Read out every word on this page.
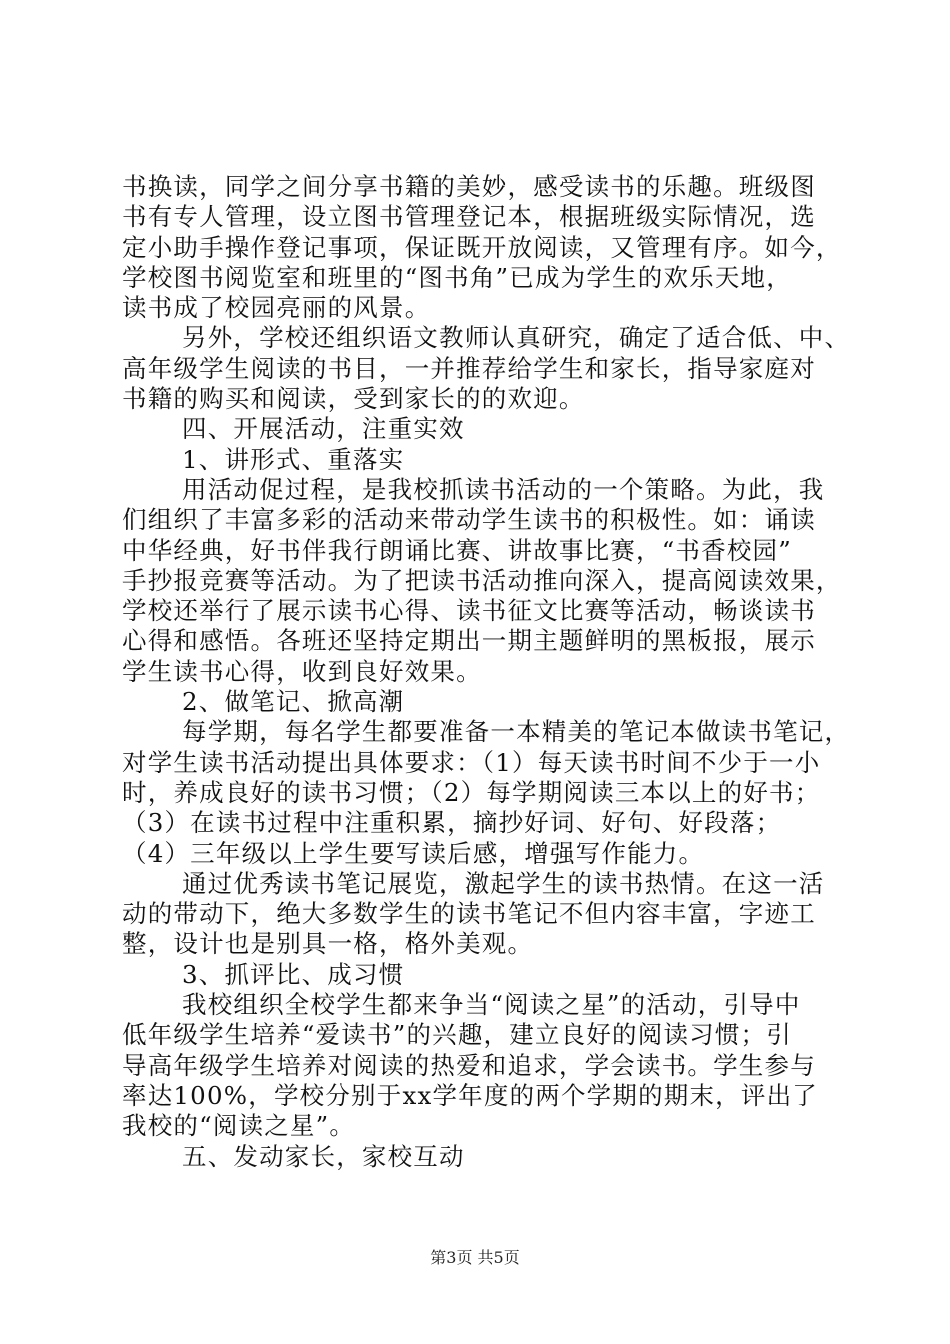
书换读，同学之间分享书籍的美妙，感受读书的乐趣。班级图
书有专人管理，设立图书管理登记本，根据班级实际情况，选
定小助手操作登记事项，保证既开放阅读，又管理有序。如今，
学校图书阅览室和班里的“图书角”已成为学生的欢乐天地，
读书成了校园亮丽的风景。
另外，学校还组织语文教师认真研究，确定了适合低、中、
高年级学生阅读的书目，一并推荐给学生和家长，指导家庭对
书籍的购买和阅读，受到家长的的欢迎。
四、开展活动，注重实效
1、讲形式、重落实
用活动促过程，是我校抓读书活动的一个策略。为此，我
们组织了丰富多彩的活动来带动学生读书的积极性。如：诵读
中华经典，好书伴我行朗诵比赛、讲故事比赛，“书香校园”
手抄报竞赛等活动。为了把读书活动推向深入，提高阅读效果，
学校还举行了展示读书心得、读书征文比赛等活动，畅谈读书
心得和感悟。各班还坚持定期出一期主题鲜明的黑板报，展示
学生读书心得，收到良好效果。
2、做笔记、掀高潮
每学期，每名学生都要准备一本精美的笔记本做读书笔记，
对学生读书活动提出具体要求：（1）每天读书时间不少于一小
时，养成良好的读书习惯；（2）每学期阅读三本以上的好书；
（3）在读书过程中注重积累，摘抄好词、好句、好段落；
（4）三年级以上学生要写读后感，增强写作能力。
通过优秀读书笔记展览，激起学生的读书热情。在这一活
动的带动下，绝大多数学生的读书笔记不但内容丰富，字迹工
整，设计也是别具一格，格外美观。
3、抓评比、成习惯
我校组织全校学生都来争当“阅读之星”的活动，引导中
低年级学生培养“爱读书”的兴趣，建立良好的阅读习惯；引
导高年级学生培养对阅读的热爱和追求，学会读书。学生参与
率达100%，学校分别于xx学年度的两个学期的期末，评出了
我校的“阅读之星”。
五、发动家长，家校互动
第3页 共5页
